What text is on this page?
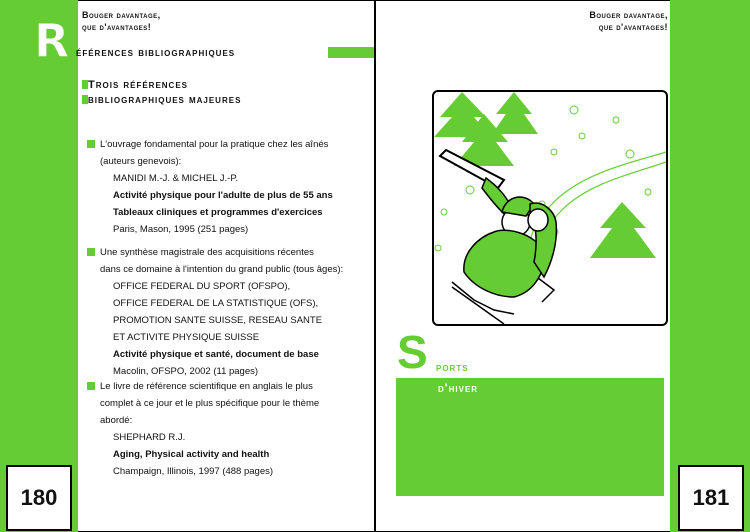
180
Bouger davantage,
que d'avantages!
R éférences bibliographiques
Trois références
bibliographiques majeures
L'ouvrage fondamental pour la pratique chez les aînés
(auteurs genevois):
MANIDI M.-J. & MICHEL J.-P.
Activité physique pour l'adulte de plus de 55 ans
Tableaux cliniques et programmes d'exercices
Paris, Mason, 1995 (251 pages)
Une synthèse magistrale des acquisitions récentes
dans ce domaine à l'intention du grand public (tous âges):
OFFICE FEDERAL DU SPORT (OFSPO),
OFFICE FEDERAL DE LA STATISTIQUE (OFS),
PROMOTION SANTE SUISSE, RESEAU SANTE
ET ACTIVITE PHYSIQUE SUISSE
Activité physique et santé, document de base
Macolin, OFSPO, 2002 (11 pages)
Le livre de référence scientifique en anglais le plus
complet à ce jour et le plus spécifique pour le thème
abordé:
SHEPHARD R.J.
Aging, Physical activity and health
Champaign, Illinois, 1997 (488 pages)
181
Bouger davantage,
que d'avantages!
S ports
d'hiver
